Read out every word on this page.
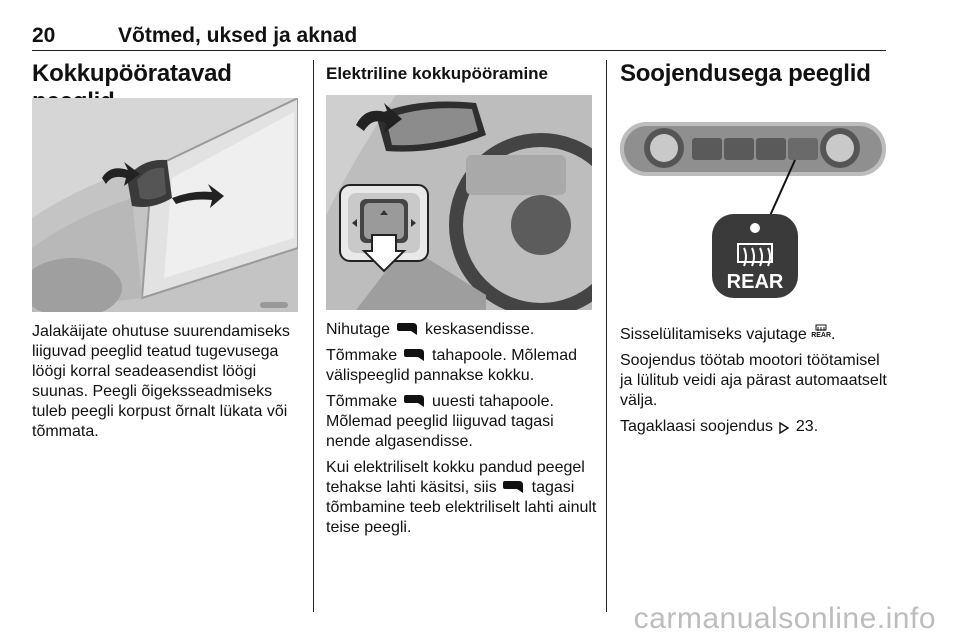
20	Võtmed, uksed ja aknad
Kokkupööratavad

Jalakäijate ohutuse suurendamiseks liiguvad peeglid teatud tugevusega löögi korral seadeasendist löögi suunas. Peegli õigeksseadmiseks tuleb peegli korpust õrnalt lükata või tõmmata.

Elektriline kokkupööramine

Nihutage keskasendisse.

Tõmmake tahapoole. Mõlemad välispeeglid pannakse kokku.

Tõmmake uuesti tahapoole. Mõlemad peeglid liiguvad tagasi nende algasendisse.

Kui elektriliselt kokku pandud peegel tehakse lahti käsitsi, siis tagasi tõmbamine teeb elektriliselt lahti ainult teise peegli.

Soojendusega peeglid
REAR

Sisselülitamiseks vajutage REAR.

Soojendus töötab mootori töötamisel ja lülitub veidi aja pärast automaatselt välja.

Tagaklaasi soojendus 23.

carmanualsonline.info
